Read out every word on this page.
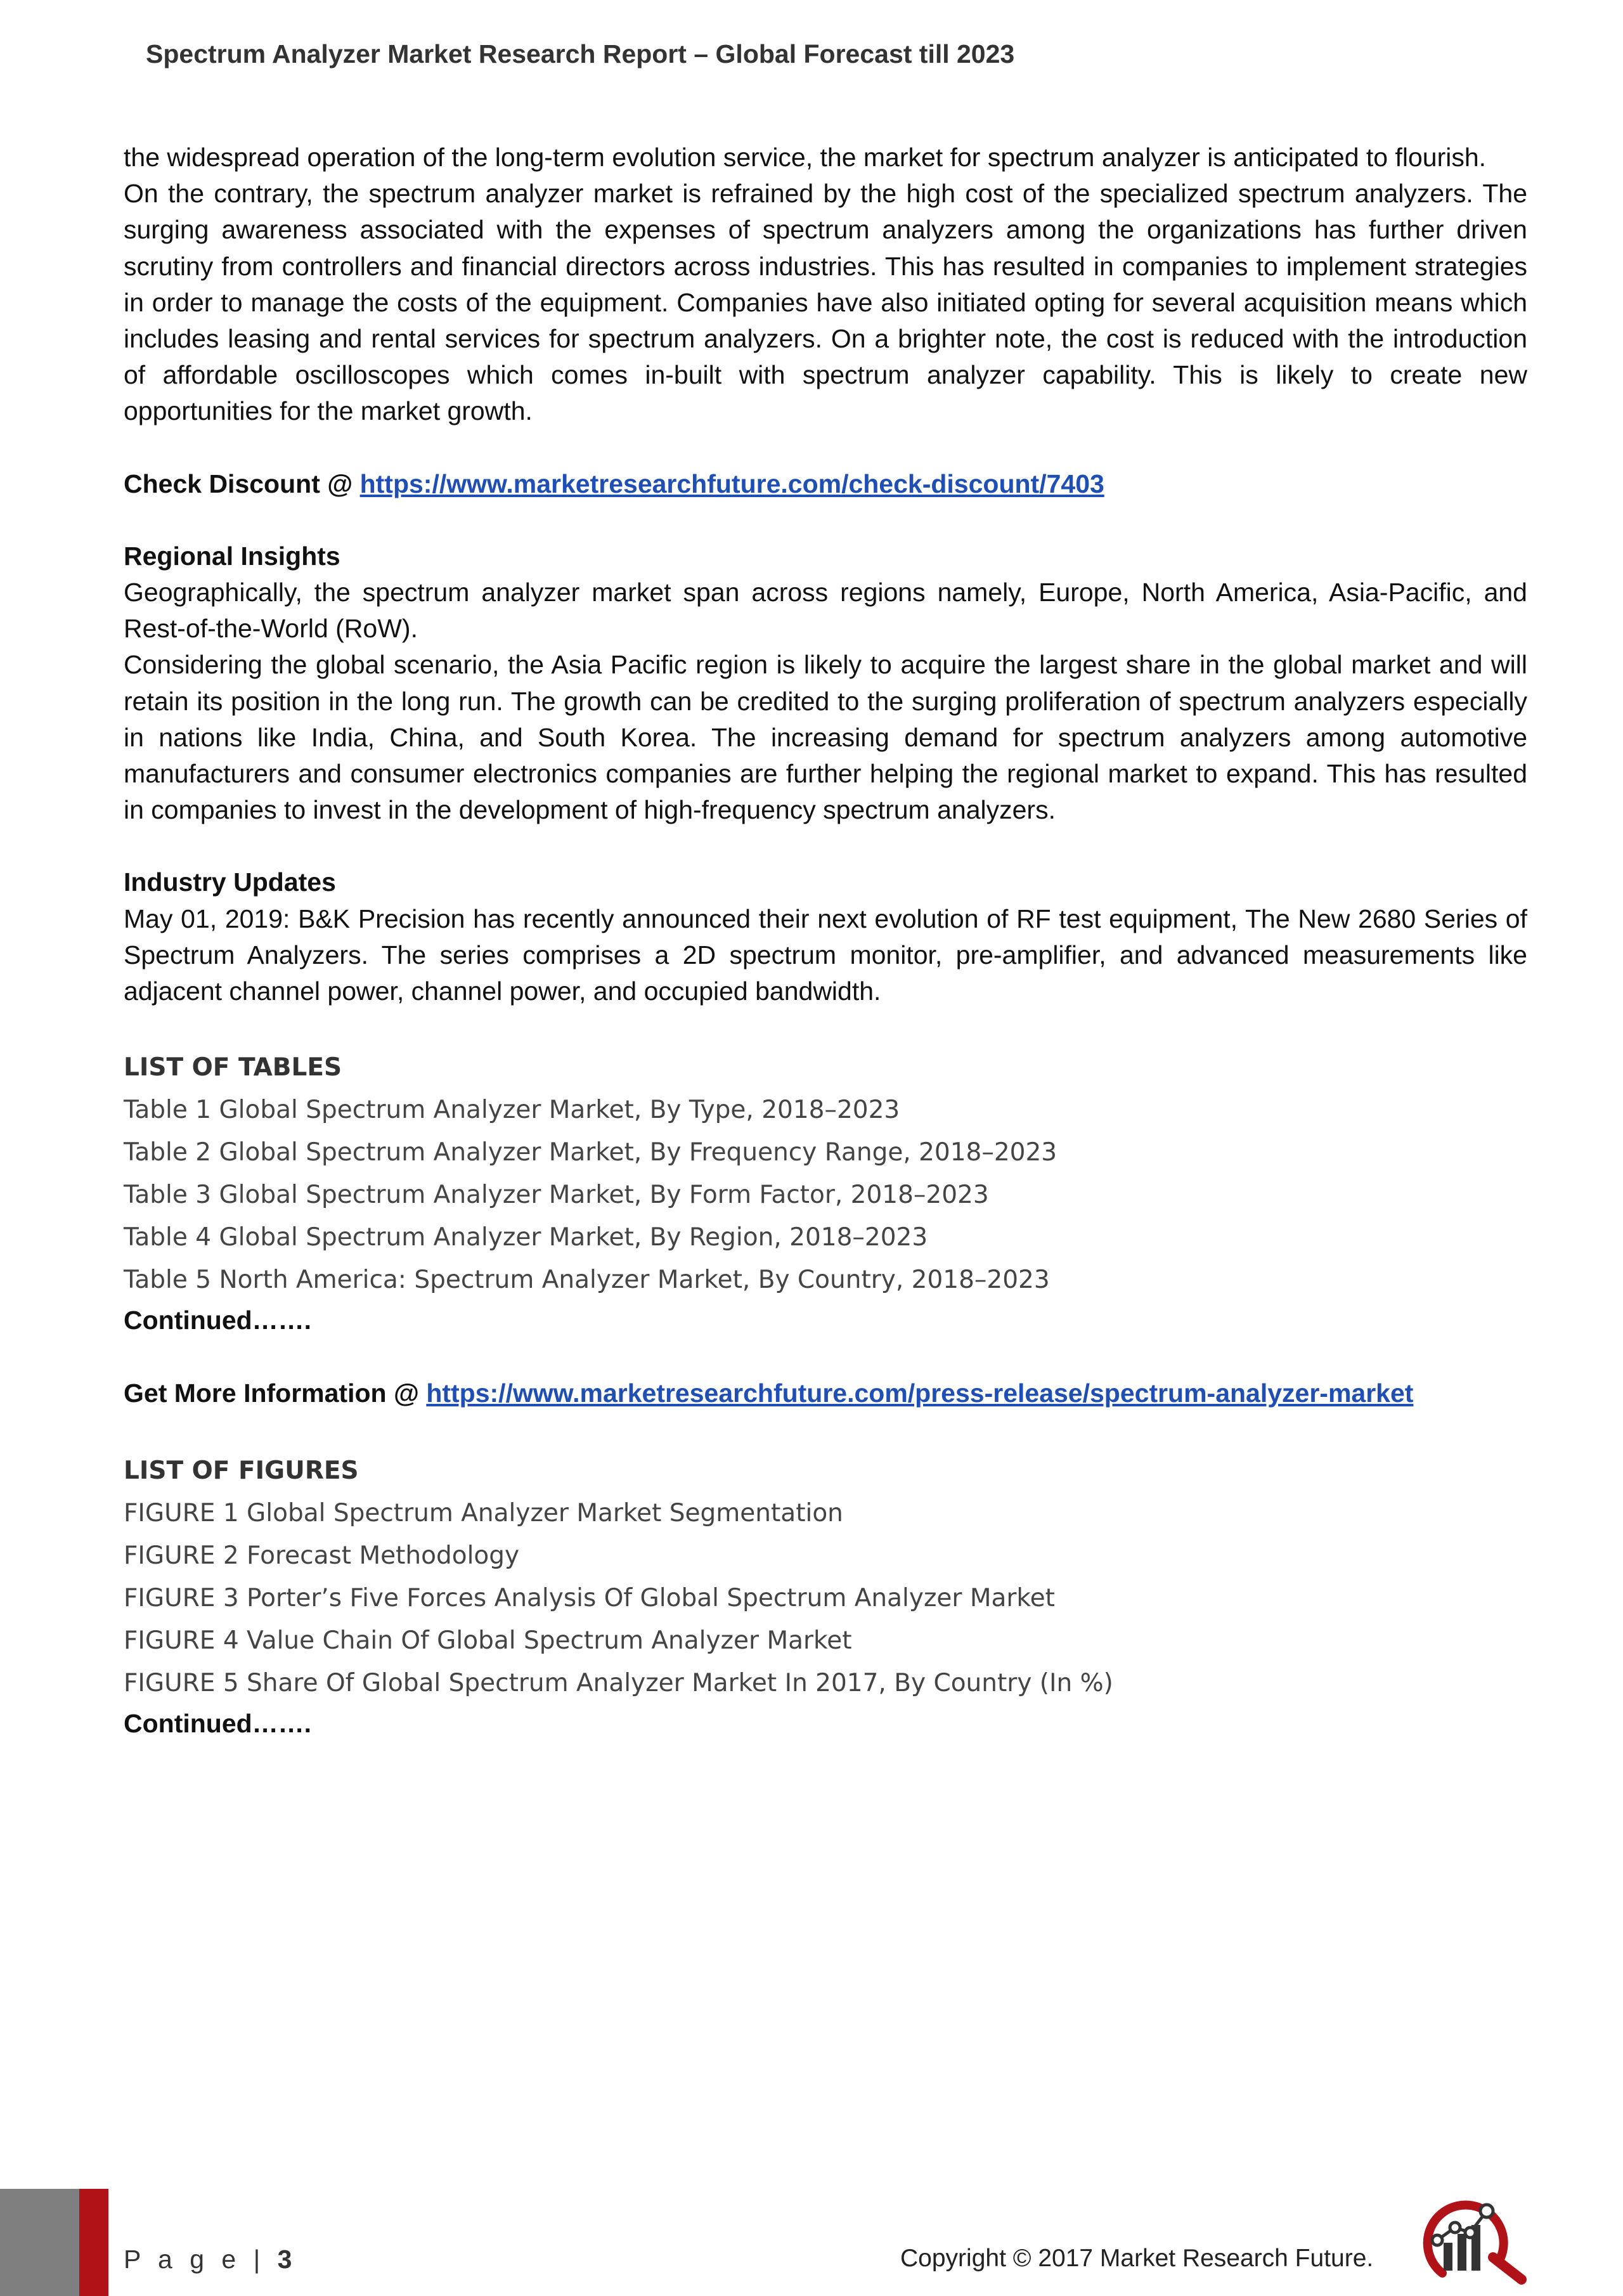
Spectrum Analyzer Market Research Report – Global Forecast till 2023

the widespread operation of the long-term evolution service, the market for spectrum analyzer is anticipated to flourish.

On the contrary, the spectrum analyzer market is refrained by the high cost of the specialized spectrum analyzers. The surging awareness associated with the expenses of spectrum analyzers among the organizations has further driven scrutiny from controllers and financial directors across industries. This has resulted in companies to implement strategies in order to manage the costs of the equipment. Companies have also initiated opting for several acquisition means which includes leasing and rental services for spectrum analyzers. On a brighter note, the cost is reduced with the introduction of affordable oscilloscopes which comes in-built with spectrum analyzer capability. This is likely to create new opportunities for the market growth.

Check Discount @ https://www.marketresearchfuture.com/check-discount/7403

Regional Insights

Geographically, the spectrum analyzer market span across regions namely, Europe, North America, Asia-Pacific, and Rest-of-the-World (RoW).

Considering the global scenario, the Asia Pacific region is likely to acquire the largest share in the global market and will retain its position in the long run. The growth can be credited to the surging proliferation of spectrum analyzers especially in nations like India, China, and South Korea. The increasing demand for spectrum analyzers among automotive manufacturers and consumer electronics companies are further helping the regional market to expand. This has resulted in companies to invest in the development of high-frequency spectrum analyzers.

Industry Updates

May 01, 2019: B&K Precision has recently announced their next evolution of RF test equipment, The New 2680 Series of Spectrum Analyzers. The series comprises a 2D spectrum monitor, pre-amplifier, and advanced measurements like adjacent channel power, channel power, and occupied bandwidth.

LIST OF TABLES
Table 1 Global Spectrum Analyzer Market, By Type, 2018–2023
Table 2 Global Spectrum Analyzer Market, By Frequency Range, 2018–2023
Table 3 Global Spectrum Analyzer Market, By Form Factor, 2018–2023
Table 4 Global Spectrum Analyzer Market, By Region, 2018–2023
Table 5 North America: Spectrum Analyzer Market, By Country, 2018–2023
Continued…….

Get More Information @ https://www.marketresearchfuture.com/press-release/spectrum-analyzer-market

LIST OF FIGURES
FIGURE 1 Global Spectrum Analyzer Market Segmentation
FIGURE 2 Forecast Methodology
FIGURE 3 Porter’s Five Forces Analysis Of Global Spectrum Analyzer Market
FIGURE 4 Value Chain Of Global Spectrum Analyzer Market
FIGURE 5 Share Of Global Spectrum Analyzer Market In 2017, By Country (In %)
Continued…….
P a g e | 3	Copyright © 2017 Market Research Future.
